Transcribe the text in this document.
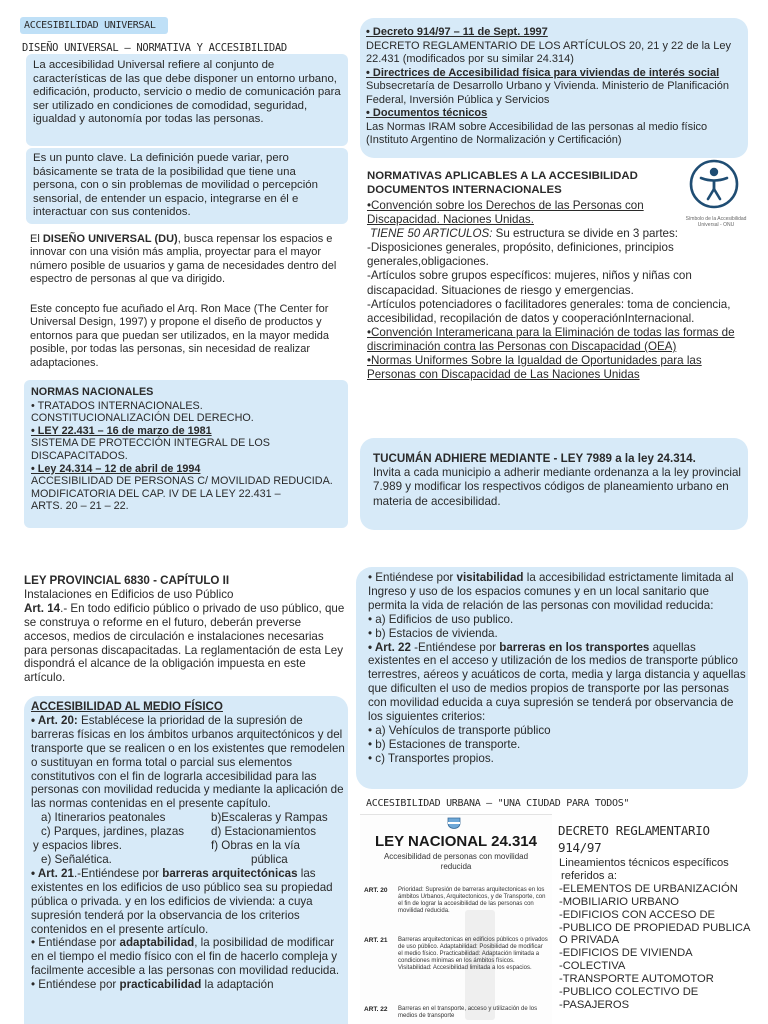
ACCESIBILIDAD UNIVERSAL
DISEÑO UNIVERSAL – NORMATIVA Y ACCESIBILIDAD

La accesibilidad Universal refiere al conjunto de características de las que debe disponer un entorno urbano, edificación, producto, servicio o medio de comunicación para ser utilizado en condiciones de comodidad, seguridad, igualdad y autonomía por todas las personas.

Es un punto clave. La definición puede variar, pero básicamente se trata de la posibilidad que tiene una persona, con o sin problemas de movilidad o percepción sensorial, de entender un espacio, integrarse en él e interactuar con sus contenidos.

El DISEÑO UNIVERSAL (DU), busca repensar los espacios e innovar con una visión más amplia, proyectar para el mayor número posible de usuarios y gama de necesidades dentro del espectro de personas al que va dirigido.

Este concepto fue acuñado el Arq. Ron Mace (The Center for Universal Design, 1997) y propone el diseño de productos y entornos para que puedan ser utilizados, en la mayor medida posible, por todas las personas, sin necesidad de realizar adaptaciones.

NORMAS NACIONALES
• TRATADOS INTERNACIONALES.
CONSTITUCIONALIZACIÓN DEL DERECHO.
• LEY 22.431 – 16 de marzo de 1981
SISTEMA DE PROTECCIÓN INTEGRAL DE LOS DISCAPACITADOS.
• Ley 24.314 – 12 de abril de 1994
ACCESIBILIDAD DE PERSONAS C/ MOVILIDAD REDUCIDA. MODIFICATORIA DEL CAP. IV DE LA LEY 22.431 –
ARTS. 20 – 21 – 22.
• Decreto 914/97 – 11 de Sept. 1997
DECRETO REGLAMENTARIO DE LOS ARTÍCULOS 20, 21 y 22 de la Ley 22.431 (modificados por su similar 24.314)
• Directrices de Accesibilidad física para viviendas de interés social
Subsecretaría de Desarrollo Urbano y Vivienda. Ministerio de Planificación Federal, Inversión Pública y Servicios
• Documentos técnicos
Las Normas IRAM sobre Accesibilidad de las personas al medio físico (Instituto Argentino de Normalización y Certificación)
NORMATIVAS APLICABLES A LA ACCESIBILIDAD
DOCUMENTOS INTERNACIONALES
Símbolo de la Accesibilidad Universal - ONU
•Convención sobre los Derechos de las Personas con Discapacidad. Naciones Unidas.
TIENE 50 ARTICULOS: Su estructura se divide en 3 partes:
-Disposiciones generales, propósito, definiciones, principios generales,obligaciones.
-Artículos sobre grupos específicos: mujeres, niños y niñas con discapacidad. Situaciones de riesgo y emergencias.
-Artículos potenciadores o facilitadores generales: toma de conciencia, accesibilidad, recopilación de datos y cooperaciónInternacional.
•Convención Interamericana para la Eliminación de todas las formas de discriminación contra las Personas con Discapacidad (OEA)
•Normas Uniformes Sobre la Igualdad de Oportunidades para las Personas con Discapacidad de Las Naciones Unidas
TUCUMÁN ADHIERE MEDIANTE - LEY 7989 a la ley 24.314.
Invita a cada municipio a adherir mediante ordenanza a la ley provincial 7.989 y modificar los respectivos códigos de planeamiento urbano en materia de accesibilidad.
LEY PROVINCIAL 6830 - CAPÍTULO II
Instalaciones en Edificios de uso Público
Art. 14.- En todo edificio público o privado de uso público, que se construya o reforme en el futuro, deberán preverse accesos, medios de circulación e instalaciones necesarias para personas discapacitadas. La reglamentación de esta Ley dispondrá el alcance de la obligación impuesta en este artículo.
ACCESIBILIDAD AL MEDIO FÍSICO
• Art. 20: Establécese la prioridad de la supresión de barreras físicas en los ámbitos urbanos arquitectónicos y del transporte que se realicen o en los existentes que remodelen o sustituyan en forma total o parcial sus elementos constitutivos con el fin de lograrla accesibilidad para las personas con movilidad reducida y mediante la aplicación de las normas contenidas en el presente capítulo.
a) Itinerarios peatonales	b)Escaleras y Rampas
c) Parques, jardines, plazas	d) Estacionamientos
y espacios libres.	f) Obras en la vía
e) Señalética.	pública
• Art. 21.-Entiéndese por barreras arquitectónicas las existentes en los edificios de uso público sea su propiedad pública o privada. y en los edificios de vivienda: a cuya supresión tenderá por la observancia de los criterios contenidos en el presente artículo.
• Entiéndase por adaptabilidad, la posibilidad de modificar en el tiempo el medio físico con el fin de hacerlo compleja y facilmente accesible a las personas con movilidad reducida.
• Entiéndese por practicabilidad la adaptación
• Entiéndese por visitabilidad la accesibilidad estrictamente limitada al Ingreso y uso de los espacios comunes y en un local sanitario que permita la vida de relación de las personas con movilidad reducida:
• a) Edificios de uso publico.
• b) Estacios de vivienda.
• Art. 22 -Entiéndese por barreras en los transportes aquellas existentes en el acceso y utilización de los medios de transporte público terrestres, aéreos y acuáticos de corta, media y larga distancia y aquellas que dificulten el uso de medios propios de transporte por las personas con movilidad educida a cuya supresión se tenderá por observancia de los siguientes criterios:
• a) Vehículos de transporte público
• b) Estaciones de transporte.
• c) Transportes propios.
ACCESIBILIDAD URBANA – "UNA CIUDAD PARA TODOS"
LEY NACIONAL 24.314
Accesibilidad de personas con movilidad reducida
ART. 20	Prioridad: Supresión de barreras arquitectonicas en los ámbitos Urbanos, Arquitectonicos, y de Transporte, con el fin de lograr la accesibilidad de las personas con movilidad reducida.
ART. 21	Barreras arquitectonicas en edificios públicos o privados de uso público. Adaptabilidad: Posibilidad de modificar el medio físico. Practicabilidad: Adaptación limitada a condiciones mínimas en los ámbitos físicos. Visitabilidad: Accesibilidad limitada a los espacios.
ART. 22	Barreras en el transporte, acceso y utilización de los medios de transporte
DECRETO REGLAMENTARIO
914/97
Lineamientos técnicos específicos
referidos a:
-ELEMENTOS DE URBANIZACIÓN
-MOBILIARIO URBANO
-EDIFICIOS CON ACCESO DE
-PUBLICO DE PROPIEDAD PUBLICA
O PRIVADA
-EDIFICIOS DE VIVIENDA
-COLECTIVA
-TRANSPORTE AUTOMOTOR
-PUBLICO COLECTIVO DE
-PASAJEROS
